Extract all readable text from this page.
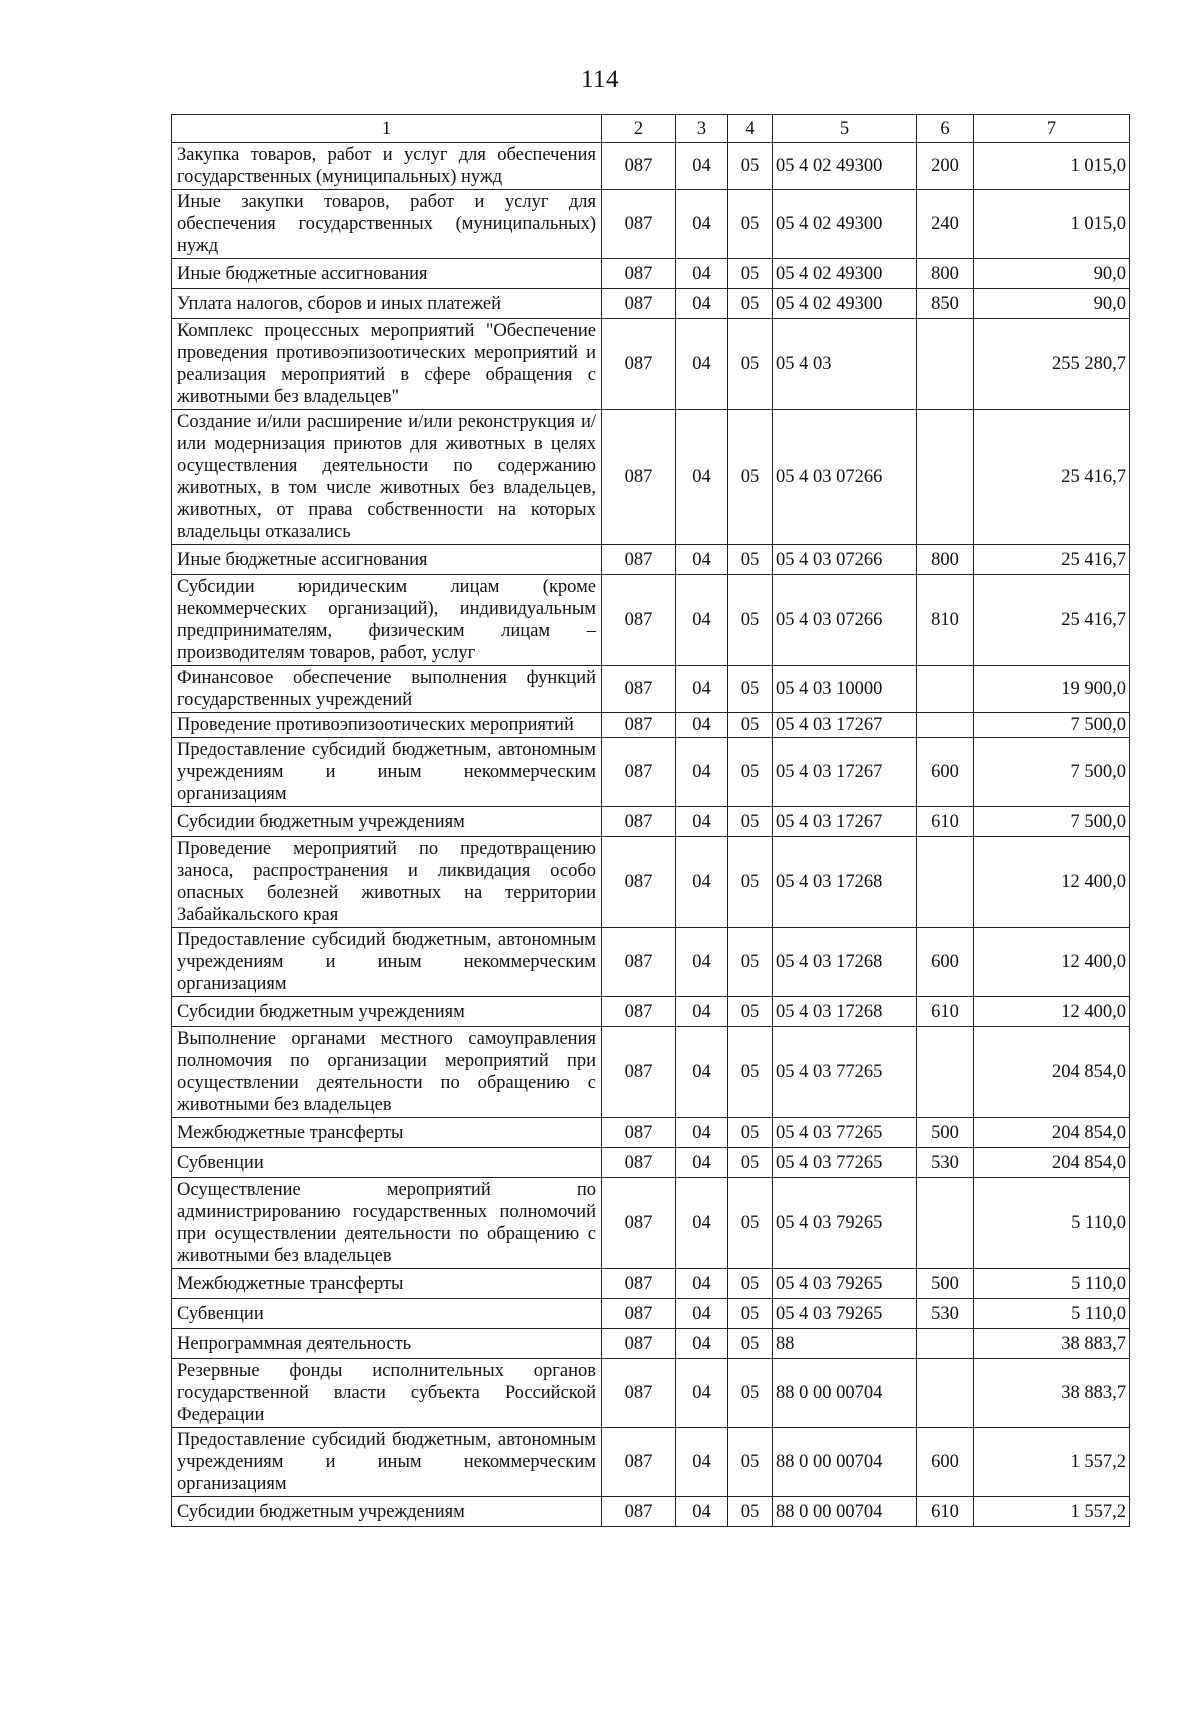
114
1	2	3	4	5	6	7
Закупка товаров, работ и услуг для обеспечения государственных (муниципальных) нужд	087	04	05	05 4 02 49300	200	1 015,0
Иные закупки товаров, работ и услуг для обеспечения государственных (муниципальных) нужд	087	04	05	05 4 02 49300	240	1 015,0
Иные бюджетные ассигнования	087	04	05	05 4 02 49300	800	90,0
Уплата налогов, сборов и иных платежей	087	04	05	05 4 02 49300	850	90,0
Комплекс процессных мероприятий "Обеспечение проведения противоэпизоотических мероприятий и реализация мероприятий в сфере обращения с животными без владельцев"	087	04	05	05 4 03		255 280,7
Создание и/или расширение и/или реконструкция и/или модернизация приютов для животных в целях осуществления деятельности по содержанию животных, в том числе животных без владельцев, животных, от права собственности на которых владельцы отказались	087	04	05	05 4 03 07266		25 416,7
Иные бюджетные ассигнования	087	04	05	05 4 03 07266	800	25 416,7
Субсидии юридическим лицам (кроме некоммерческих организаций), индивидуальным предпринимателям, физическим лицам – производителям товаров, работ, услуг	087	04	05	05 4 03 07266	810	25 416,7
Финансовое обеспечение выполнения функций государственных учреждений	087	04	05	05 4 03 10000		19 900,0
Проведение противоэпизоотических мероприятий	087	04	05	05 4 03 17267		7 500,0
Предоставление субсидий бюджетным, автономным учреждениям и иным некоммерческим организациям	087	04	05	05 4 03 17267	600	7 500,0
Субсидии бюджетным учреждениям	087	04	05	05 4 03 17267	610	7 500,0
Проведение мероприятий по предотвращению заноса, распространения и ликвидация особо опасных болезней животных на территории Забайкальского края	087	04	05	05 4 03 17268		12 400,0
Предоставление субсидий бюджетным, автономным учреждениям и иным некоммерческим организациям	087	04	05	05 4 03 17268	600	12 400,0
Субсидии бюджетным учреждениям	087	04	05	05 4 03 17268	610	12 400,0
Выполнение органами местного самоуправления полномочия по организации мероприятий при осуществлении деятельности по обращению с животными без владельцев	087	04	05	05 4 03 77265		204 854,0
Межбюджетные трансферты	087	04	05	05 4 03 77265	500	204 854,0
Субвенции	087	04	05	05 4 03 77265	530	204 854,0
Осуществление мероприятий по администрированию государственных полномочий при осуществлении деятельности по обращению с животными без владельцев	087	04	05	05 4 03 79265		5 110,0
Межбюджетные трансферты	087	04	05	05 4 03 79265	500	5 110,0
Субвенции	087	04	05	05 4 03 79265	530	5 110,0
Непрограммная деятельность	087	04	05	88		38 883,7
Резервные фонды исполнительных органов государственной власти субъекта Российской Федерации	087	04	05	88 0 00 00704		38 883,7
Предоставление субсидий бюджетным, автономным учреждениям и иным некоммерческим организациям	087	04	05	88 0 00 00704	600	1 557,2
Субсидии бюджетным учреждениям	087	04	05	88 0 00 00704	610	1 557,2
